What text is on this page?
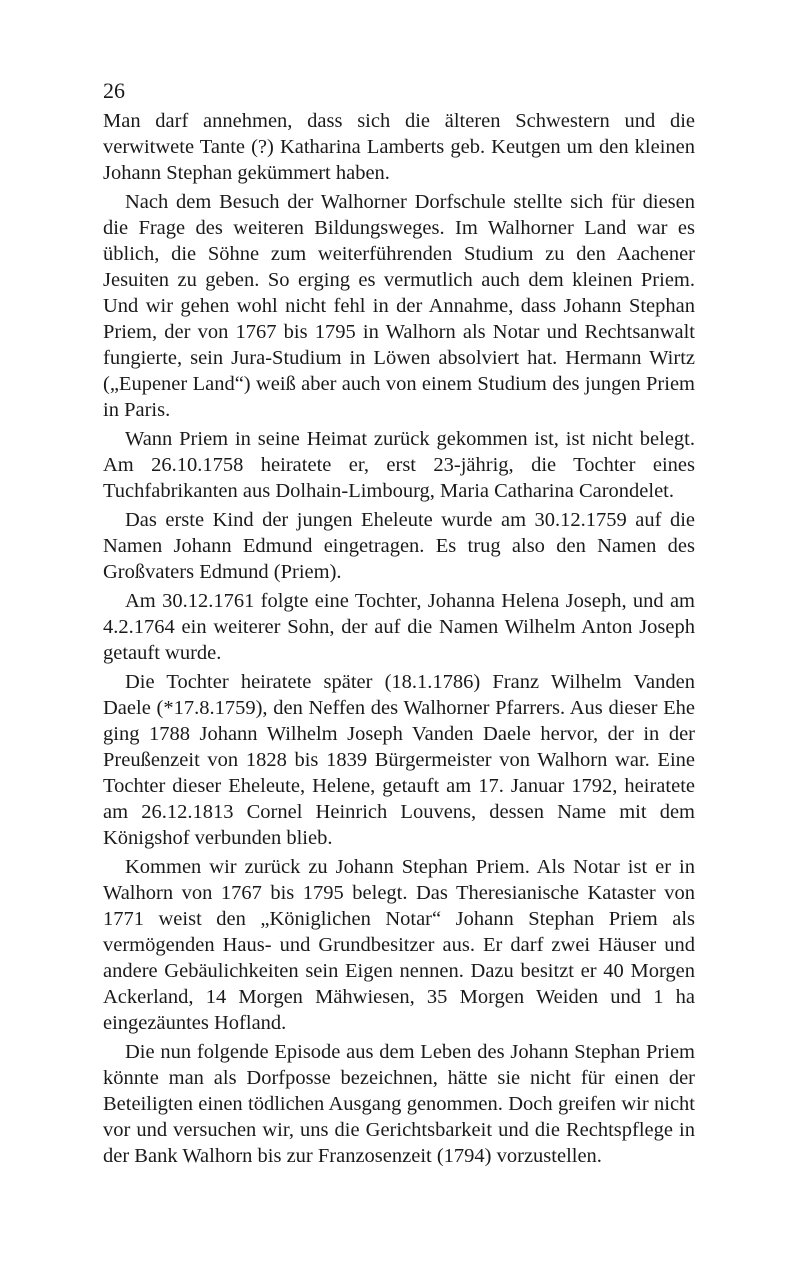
26

Man darf annehmen, dass sich die älteren Schwestern und die verwitwete Tante (?) Katharina Lamberts geb. Keutgen um den kleinen Johann Stephan gekümmert haben.

Nach dem Besuch der Walhorner Dorfschule stellte sich für diesen die Frage des weiteren Bildungsweges. Im Walhorner Land war es üblich, die Söhne zum weiterführenden Studium zu den Aachener Jesuiten zu geben. So erging es vermutlich auch dem kleinen Priem. Und wir gehen wohl nicht fehl in der Annahme, dass Johann Stephan Priem, der von 1767 bis 1795 in Walhorn als Notar und Rechtsanwalt fungierte, sein Jura-Studium in Löwen absolviert hat. Hermann Wirtz („Eupener Land“) weiß aber auch von einem Studium des jungen Priem in Paris.

Wann Priem in seine Heimat zurück gekommen ist, ist nicht belegt. Am 26.10.1758 heiratete er, erst 23-jährig, die Tochter eines Tuchfabrikanten aus Dolhain-Limbourg, Maria Catharina Carondelet.

Das erste Kind der jungen Eheleute wurde am 30.12.1759 auf die Namen Johann Edmund eingetragen. Es trug also den Namen des Großvaters Edmund (Priem).

Am 30.12.1761 folgte eine Tochter, Johanna Helena Joseph, und am 4.2.1764 ein weiterer Sohn, der auf die Namen Wilhelm Anton Joseph getauft wurde.

Die Tochter heiratete später (18.1.1786) Franz Wilhelm Vanden Daele (*17.8.1759), den Neffen des Walhorner Pfarrers. Aus dieser Ehe ging 1788 Johann Wilhelm Joseph Vanden Daele hervor, der in der Preußenzeit von 1828 bis 1839 Bürgermeister von Walhorn war. Eine Tochter dieser Eheleute, Helene, getauft am 17. Januar 1792, heiratete am 26.12.1813 Cornel Heinrich Louvens, dessen Name mit dem Königshof verbunden blieb.

Kommen wir zurück zu Johann Stephan Priem. Als Notar ist er in Walhorn von 1767 bis 1795 belegt. Das Theresianische Kataster von 1771 weist den „Königlichen Notar“ Johann Stephan Priem als vermögenden Haus- und Grundbesitzer aus. Er darf zwei Häuser und andere Gebäulichkeiten sein Eigen nennen. Dazu besitzt er 40 Morgen Ackerland, 14 Morgen Mähwiesen, 35 Morgen Weiden und 1 ha eingezäuntes Hofland.

Die nun folgende Episode aus dem Leben des Johann Stephan Priem könnte man als Dorfposse bezeichnen, hätte sie nicht für einen der Beteiligten einen tödlichen Ausgang genommen. Doch greifen wir nicht vor und versuchen wir, uns die Gerichtsbarkeit und die Rechtspflege in der Bank Walhorn bis zur Franzosenzeit (1794) vorzustellen.
